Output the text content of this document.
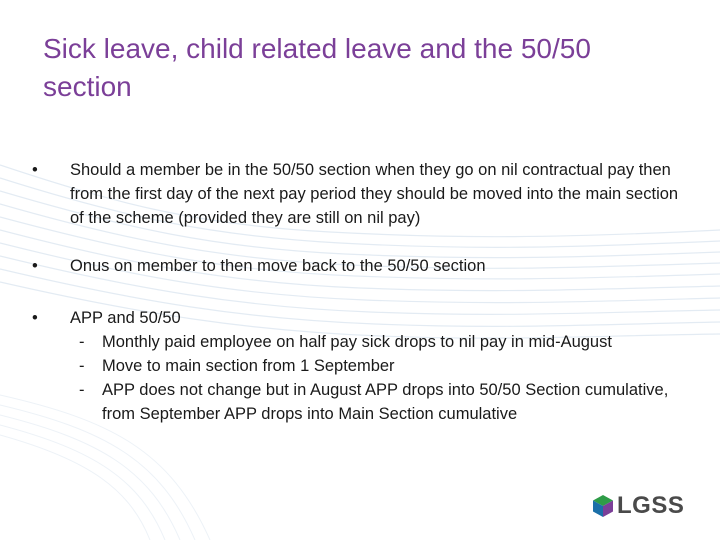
Sick leave, child related leave and the 50/50 section

•	Should a member be in the 50/50 section when they go on nil contractual pay then from the first day of the next pay period they should be moved into the main section of the scheme (provided they are still on nil pay)

•	Onus on member to then move back to the 50/50 section

•	APP and 50/50

- Monthly paid employee on half pay sick drops to nil pay in mid-August

- Move to main section from 1 September

- APP does not change but in August APP drops into 50/50 Section cumulative, from September APP drops into Main Section cumulative

LGSS
